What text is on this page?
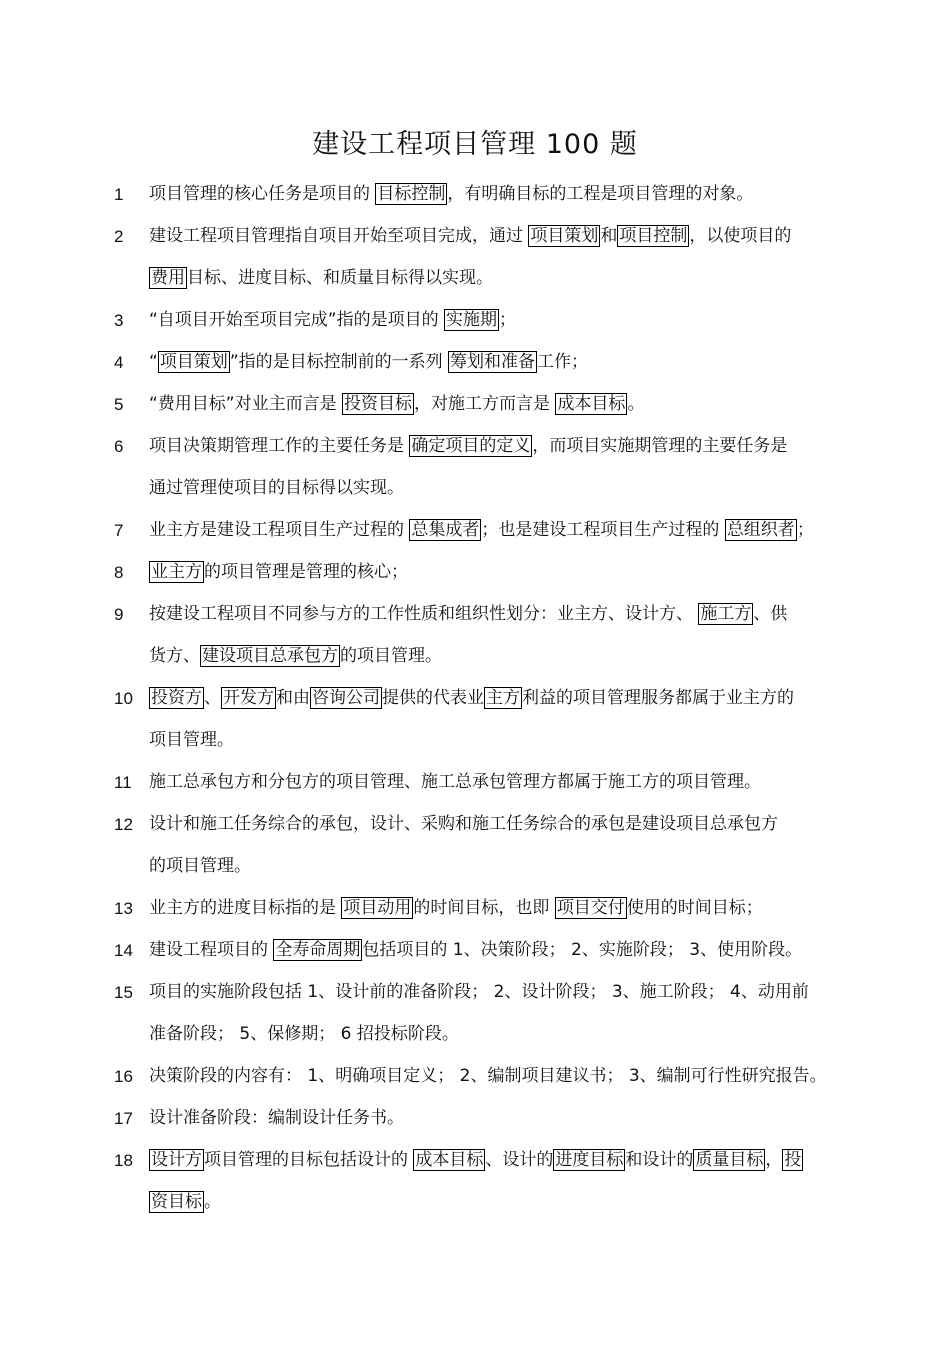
建设工程项目管理 100 题
1 项目管理的核心任务是项目的 目标控制 ，有明确目标的工程是项目管理的对象。
2 建设工程项目管理指自项目开始至项目完成，通过 项目策划 和 项目控制 ，以使项目的
费用 目标、进度目标、和质量目标得以实现。
3 “自项目开始至项目完成”指的是项目的 实施期 ；
4 “ 项目策划 ”指的是目标控制前的一系列 筹划和准备 工作；
5 “费用目标”对业主而言是 投资目标 ，对施工方而言是 成本目标 。
6 项目决策期管理工作的主要任务是 确定项目的定义 ，而项目实施期管理的主要任务是
通过管理使项目的目标得以实现。
7 业主方是建设工程项目生产过程的 总集成者 ；也是建设工程项目生产过程的 总组织者 ；
8 业主方 的项目管理是管理的核心；
9 按建设工程项目不同参与方的工作性质和组织性划分：业主方、设计方、 施工方 、供
货方、 建设项目总承包方 的项目管理。
10 投资方 、 开发方 和由 咨询公司 提供的代表业 主方 利益的项目管理服务都属于业主方的
项目管理。
11 施工总承包方和分包方的项目管理、施工总承包管理方都属于施工方的项目管理。
12 设计和施工任务综合的承包，设计、采购和施工任务综合的承包是建设项目总承包方
的项目管理。
13 业主方的进度目标指的是 项目动用 的时间目标，也即 项目交付 使用的时间目标；
14 建设工程项目的 全寿命周期 包括项目的 1、决策阶段； 2、实施阶段； 3、使用阶段。
15 项目的实施阶段包括 1、设计前的准备阶段； 2、设计阶段； 3、施工阶段； 4、动用前
准备阶段； 5、保修期； 6 招投标阶段。
16 决策阶段的内容有： 1、明确项目定义； 2、编制项目建议书； 3、编制可行性研究报告。
17 设计准备阶段：编制设计任务书。
18 设计方 项目管理的目标包括设计的 成本目标 、设计的 进度目标 和设计的 质量目标 ， 投
资目标 。
